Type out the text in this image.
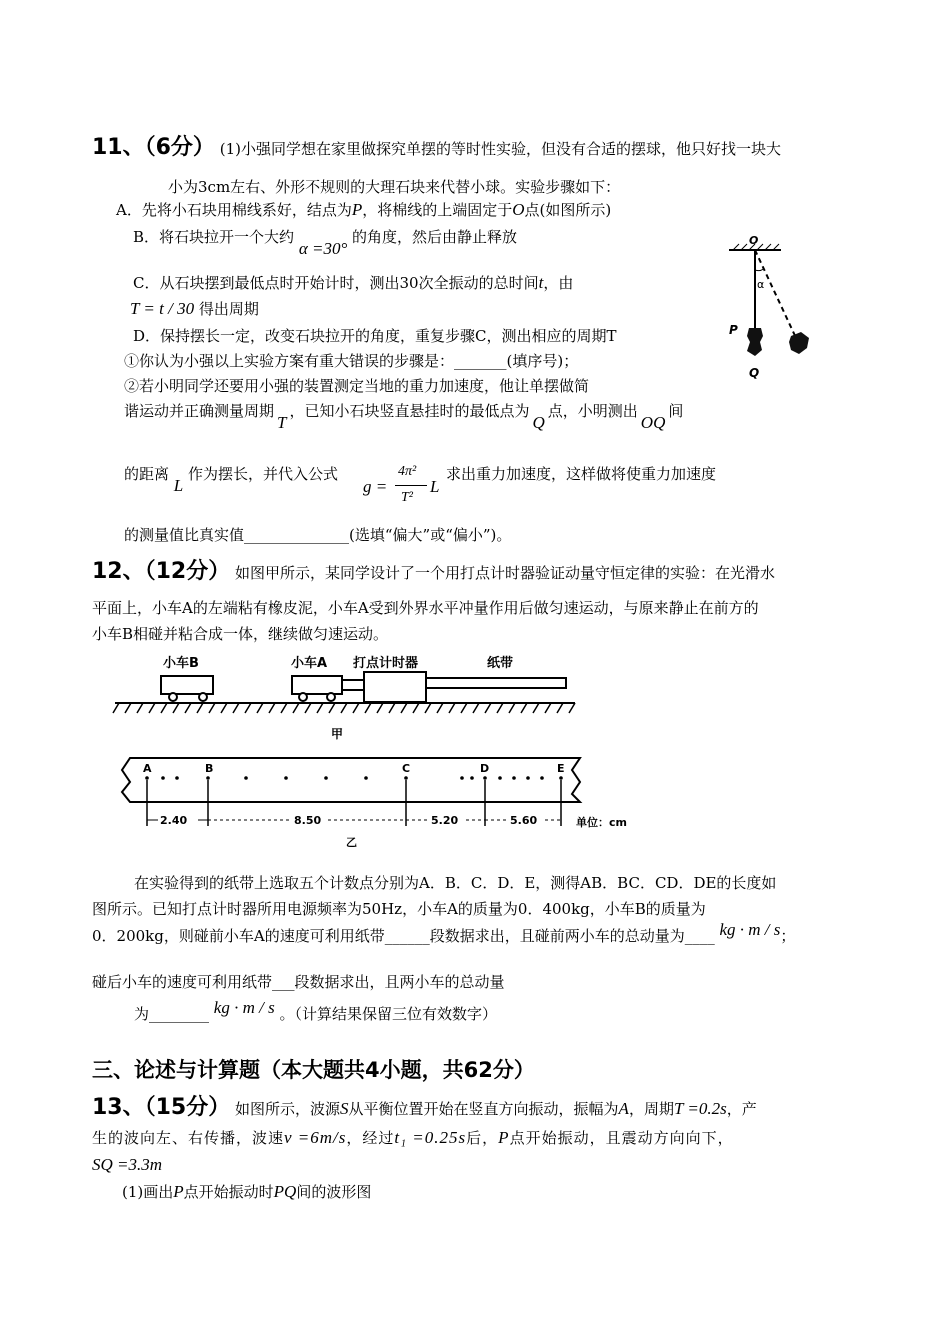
11、（6分） (1)小强同学想在家里做探究单摆的等时性实验，但没有合适的摆球，他只好找一块大
小为3cm左右、外形不规则的大理石块来代替小球。实验步骤如下：
A．先将小石块用棉线系好，结点为P，将棉线的上端固定于O点(如图所示)
B．将石块拉开一个大约 α =30° 的角度，然后由静止释放
C．从石块摆到最低点时开始计时，测出30次全振动的总时间t，由
T = t / 30 得出周期
D．保持摆长一定，改变石块拉开的角度，重复步骤C，测出相应的周期T
①你认为小强以上实验方案有重大错误的步骤是：_______(填序号)；
②若小明同学还要用小强的装置测定当地的重力加速度，他让单摆做简
谐运动并正确测量周期T，已知小石块竖直悬挂时的最低点为Q点，小明测出OQ间
的距离 L 作为摆长，并代入公式
g =
4π²
T²
L
求出重力加速度，这样做将使重力加速度
的测量值比真实值______________(选填“偏大”或“偏小”)。
O
α
P
Q
12、（12分） 如图甲所示，某同学设计了一个用打点计时器验证动量守恒定律的实验：在光滑水
平面上，小车A的左端粘有橡皮泥，小车A受到外界水平冲量作用后做匀速运动，与原来静止在前方的
小车B相碰并粘合成一体，继续做匀速运动。
小车B	小车A 打点计时器	纸带
甲
A	B	C	D	E
2.40	8.50	5.20	5.60	单位：cm
乙
在实验得到的纸带上选取五个计数点分别为A．B．C．D．E，测得AB．BC．CD．DE的长度如
图所示。已知打点计时器所用电源频率为50Hz，小车A的质量为0．400kg，小车B的质量为
0．200kg，则碰前小车A的速度可利用纸带______段数据求出，且碰前两小车的总动量为____ kg · m / s；
碰后小车的速度可利用纸带___段数据求出，且两小车的总动量
为________ kg · m / s 。（计算结果保留三位有效数字）
三、论述与计算题（本大题共4小题，共62分）
13、（15分） 如图所示，波源S从平衡位置开始在竖直方向振动，振幅为A，周期T =0.2s，产
生的波向左、右传播，波速v =6m/s，经过t₁ =0.25s后，P点开始振动，且震动方向向下，
SQ =3.3m
(1)画出P点开始振动时PQ间的波形图
